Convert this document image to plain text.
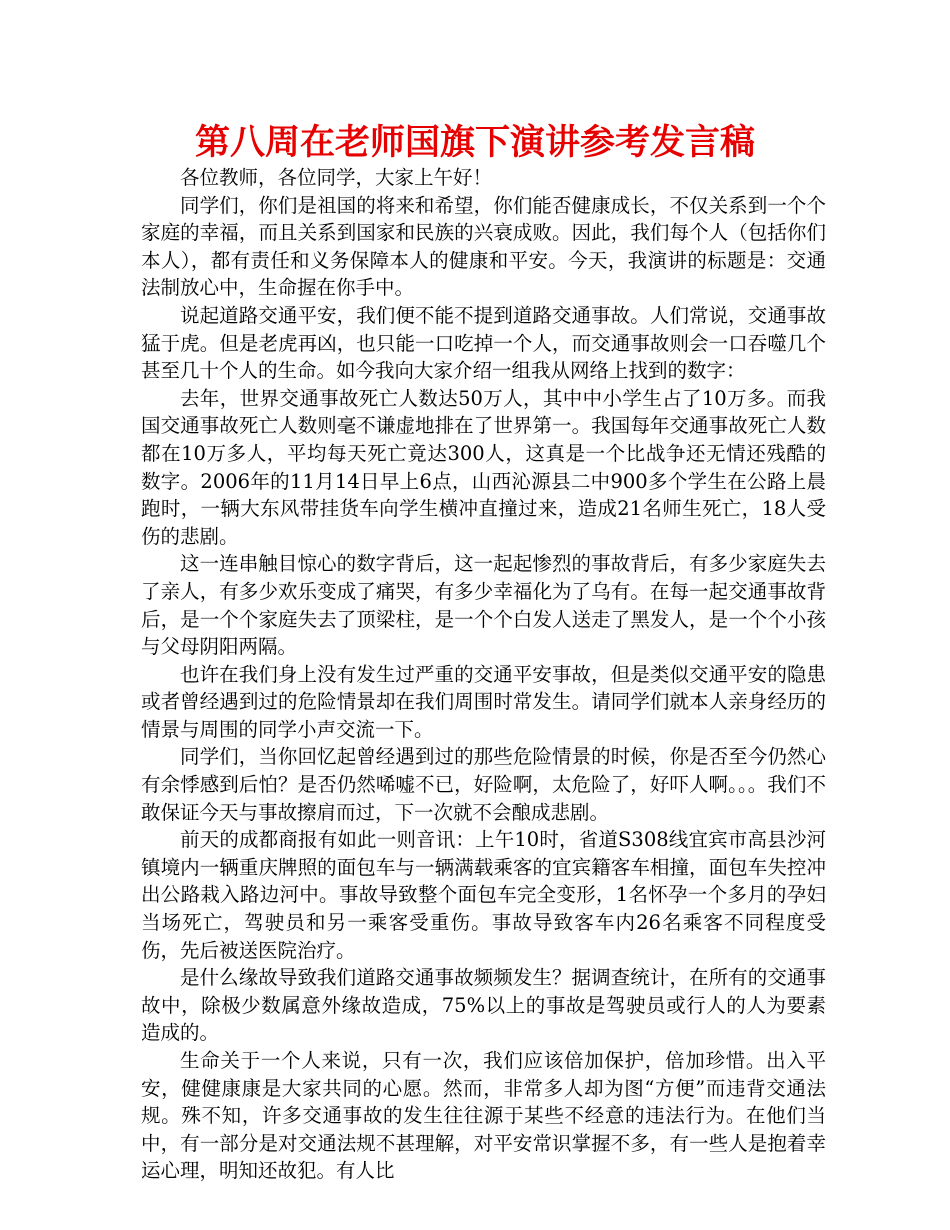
第八周在老师国旗下演讲参考发言稿

各位教师，各位同学，大家上午好！

同学们，你们是祖国的将来和希望，你们能否健康成长，不仅关系到一个个家庭的幸福，而且关系到国家和民族的兴衰成败。因此，我们每个人（包括你们本人），都有责任和义务保障本人的健康和平安。今天，我演讲的标题是：交通法制放心中，生命握在你手中。

说起道路交通平安，我们便不能不提到道路交通事故。人们常说，交通事故猛于虎。但是老虎再凶，也只能一口吃掉一个人，而交通事故则会一口吞噬几个甚至几十个人的生命。如今我向大家介绍一组我从网络上找到的数字：

去年，世界交通事故死亡人数达50万人，其中中小学生占了10万多。而我国交通事故死亡人数则毫不谦虚地排在了世界第一。我国每年交通事故死亡人数都在10万多人，平均每天死亡竟达300人，这真是一个比战争还无情还残酷的数字。2006年的11月14日早上6点，山西沁源县二中900多个学生在公路上晨跑时，一辆大东风带挂货车向学生横冲直撞过来，造成21名师生死亡，18人受伤的悲剧。

这一连串触目惊心的数字背后，这一起起惨烈的事故背后，有多少家庭失去了亲人，有多少欢乐变成了痛哭，有多少幸福化为了乌有。在每一起交通事故背后，是一个个家庭失去了顶梁柱，是一个个白发人送走了黑发人，是一个个小孩与父母阴阳两隔。

也许在我们身上没有发生过严重的交通平安事故，但是类似交通平安的隐患或者曾经遇到过的危险情景却在我们周围时常发生。请同学们就本人亲身经历的情景与周围的同学小声交流一下。

同学们，当你回忆起曾经遇到过的那些危险情景的时候，你是否至今仍然心有余悸感到后怕？是否仍然唏嘘不已，好险啊，太危险了，好吓人啊。。。我们不敢保证今天与事故擦肩而过，下一次就不会酿成悲剧。

前天的成都商报有如此一则音讯：上午10时，省道S308线宜宾市高县沙河镇境内一辆重庆牌照的面包车与一辆满载乘客的宜宾籍客车相撞，面包车失控冲出公路栽入路边河中。事故导致整个面包车完全变形，1名怀孕一个多月的孕妇当场死亡，驾驶员和另一乘客受重伤。事故导致客车内26名乘客不同程度受伤，先后被送医院治疗。

是什么缘故导致我们道路交通事故频频发生？据调查统计，在所有的交通事故中，除极少数属意外缘故造成，75%以上的事故是驾驶员或行人的人为要素造成的。

生命关于一个人来说，只有一次，我们应该倍加保护，倍加珍惜。出入平安，健健康康是大家共同的心愿。然而，非常多人却为图“方便”而违背交通法规。殊不知，许多交通事故的发生往往源于某些不经意的违法行为。在他们当中，有一部分是对交通法规不甚理解，对平安常识掌握不多，有一些人是抱着幸运心理，明知还故犯。有人比
